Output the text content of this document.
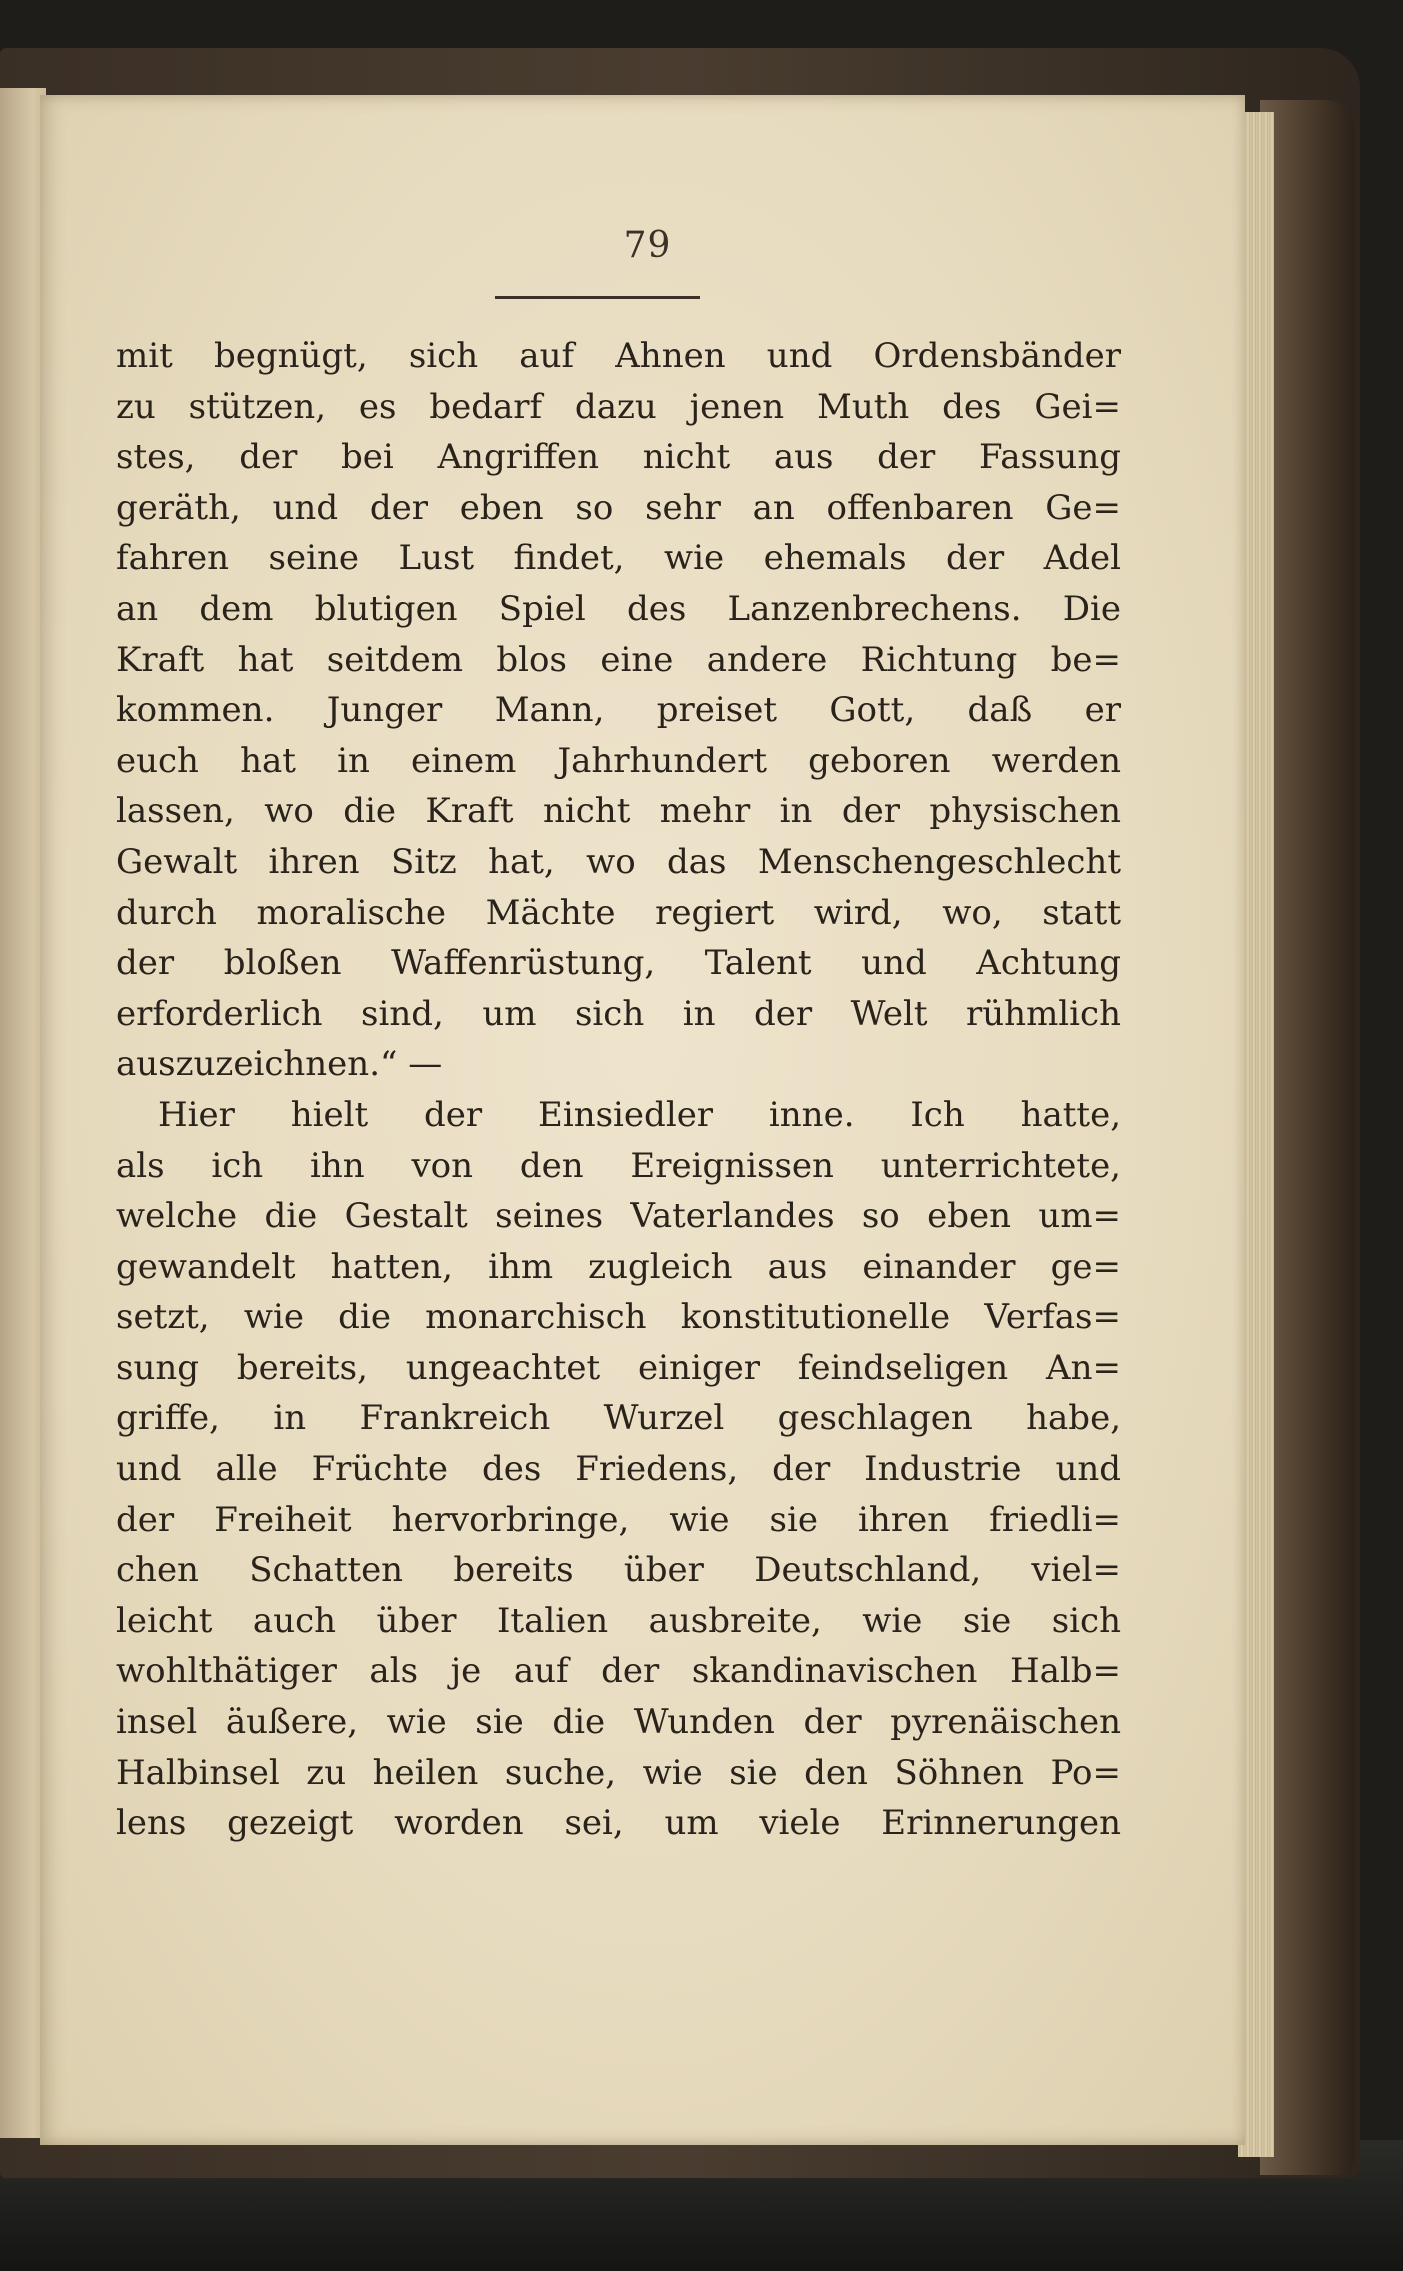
79
mit begnügt, sich auf Ahnen und Ordensbänder
zu stützen, es bedarf dazu jenen Muth des Gei=
stes, der bei Angriffen nicht aus der Fassung
geräth, und der eben so sehr an offenbaren Ge=
fahren seine Lust findet, wie ehemals der Adel
an dem blutigen Spiel des Lanzenbrechens. Die
Kraft hat seitdem blos eine andere Richtung be=
kommen. Junger Mann, preiset Gott, daß er
euch hat in einem Jahrhundert geboren werden
lassen, wo die Kraft nicht mehr in der physischen
Gewalt ihren Sitz hat, wo das Menschengeschlecht
durch moralische Mächte regiert wird, wo, statt
der bloßen Waffenrüstung, Talent und Achtung
erforderlich sind, um sich in der Welt rühmlich
auszuzeichnen.“ —
Hier hielt der Einsiedler inne. Ich hatte,
als ich ihn von den Ereignissen unterrichtete,
welche die Gestalt seines Vaterlandes so eben um=
gewandelt hatten, ihm zugleich aus einander ge=
setzt, wie die monarchisch konstitutionelle Verfas=
sung bereits, ungeachtet einiger feindseligen An=
griffe, in Frankreich Wurzel geschlagen habe,
und alle Früchte des Friedens, der Industrie und
der Freiheit hervorbringe, wie sie ihren friedli=
chen Schatten bereits über Deutschland, viel=
leicht auch über Italien ausbreite, wie sie sich
wohlthätiger als je auf der skandinavischen Halb=
insel äußere, wie sie die Wunden der pyrenäischen
Halbinsel zu heilen suche, wie sie den Söhnen Po=
lens gezeigt worden sei, um viele Erinnerungen
